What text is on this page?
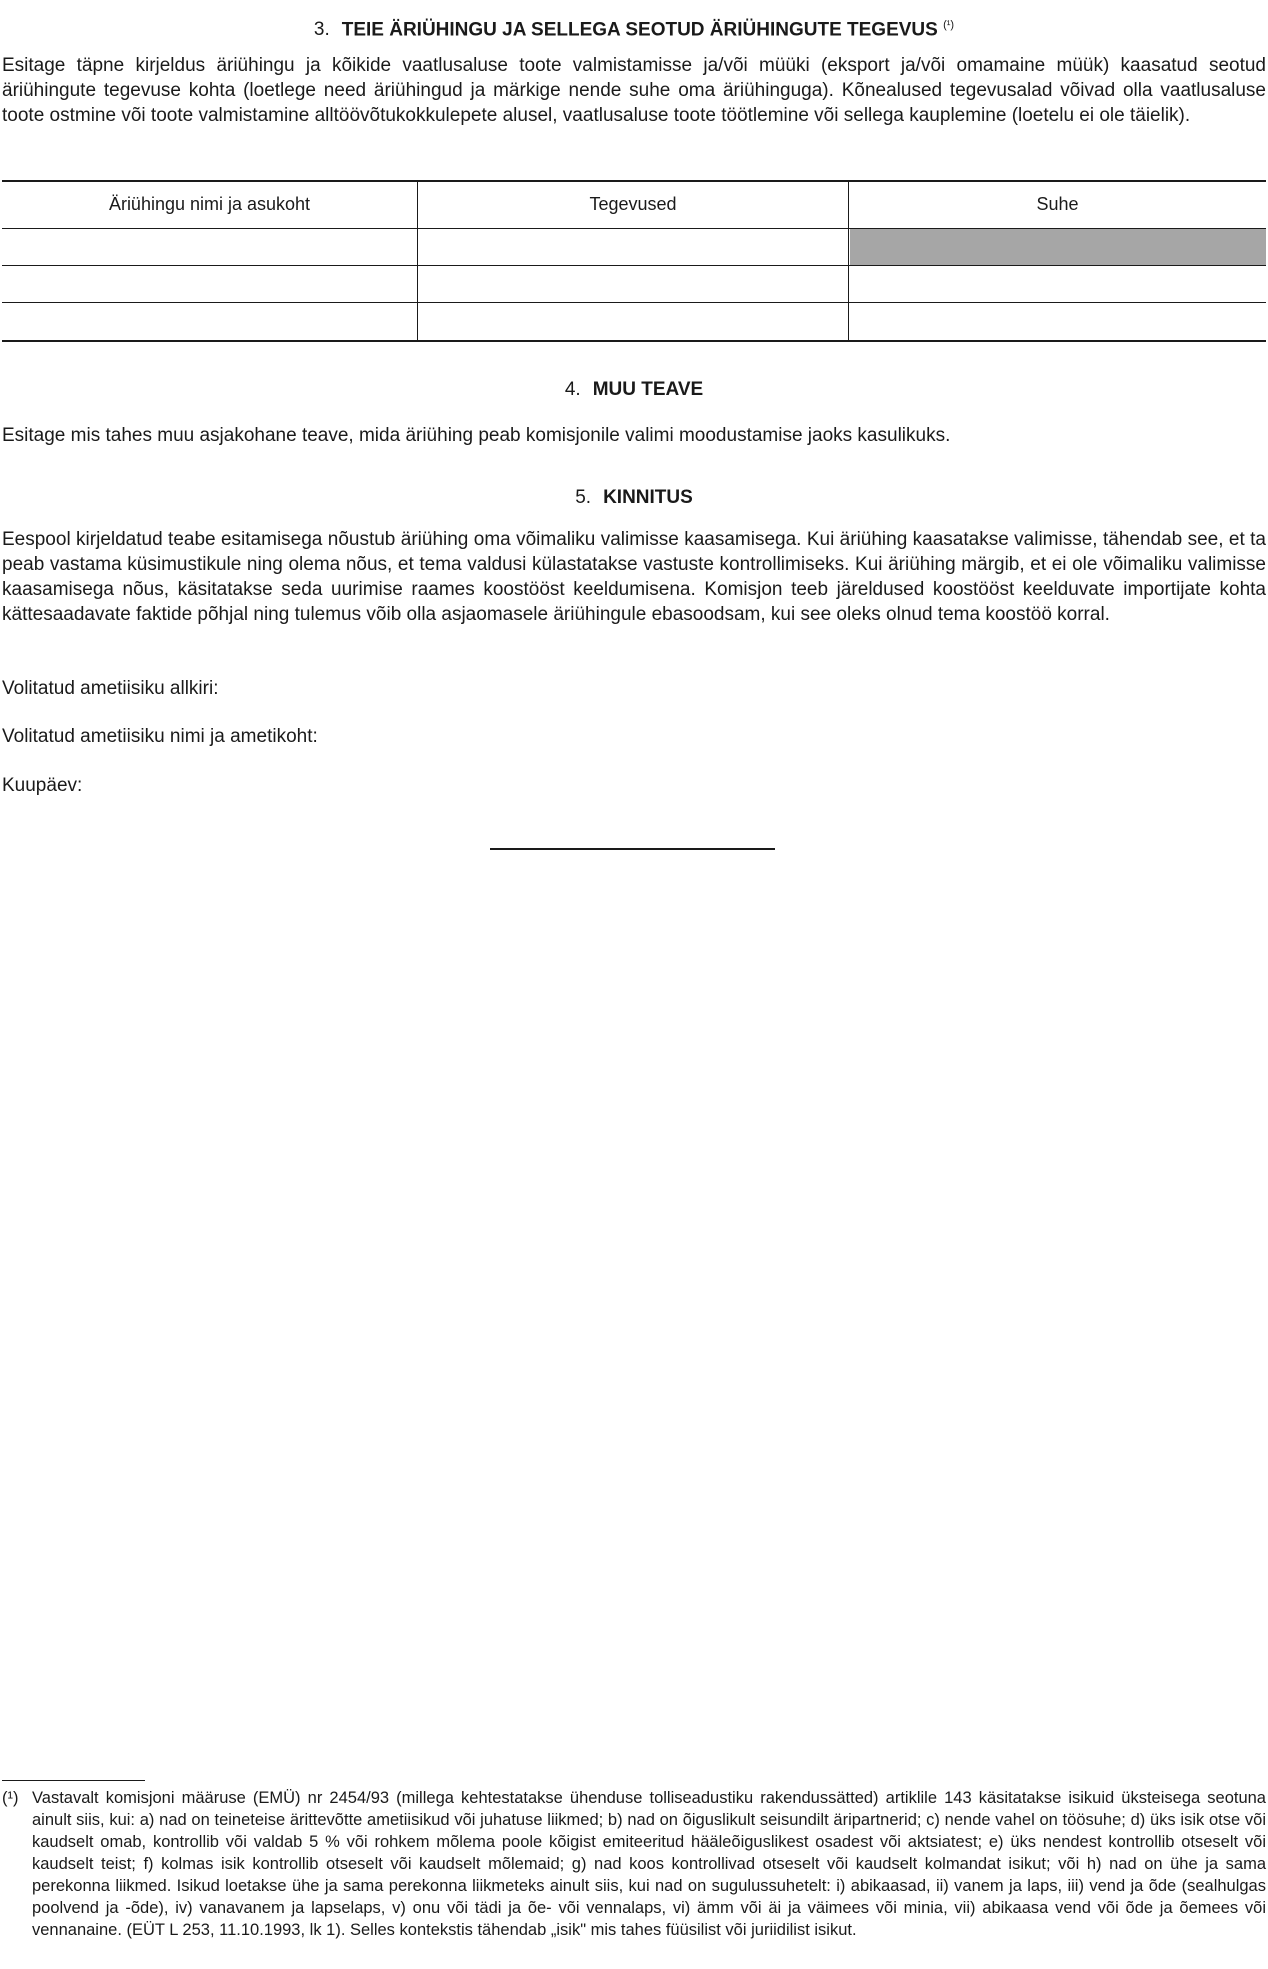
3. TEIE ÄRIÜHINGU JA SELLEGA SEOTUD ÄRIÜHINGUTE TEGEVUS $^{(^1)}$
Esitage täpne kirjeldus äriühingu ja kõikide vaatlusaluse toote valmistamisse ja/või müüki (eksport ja/või omamaine müük) kaasatud seotud äriühingute tegevuse kohta (loetlege need äriühingud ja märkige nende suhe oma äriühinguga). Kõnealused tegevusalad võivad olla vaatlusaluse toote ostmine või toote valmistamine alltöövõtukokkulepete alusel, vaatlusaluse toote töötlemine või sellega kauplemine (loetelu ei ole täielik).
Äriühingu nimi ja asukoht	Tegevused	Suhe
4. MUU TEAVE
Esitage mis tahes muu asjakohane teave, mida äriühing peab komisjonile valimi moodustamise jaoks kasulikuks.
5. KINNITUS
Eespool kirjeldatud teabe esitamisega nõustub äriühing oma võimaliku valimisse kaasamisega. Kui äriühing kaasatakse valimisse, tähendab see, et ta peab vastama küsimustikule ning olema nõus, et tema valdusi külastatakse vastuste kontrollimiseks. Kui äriühing märgib, et ei ole võimaliku valimisse kaasamisega nõus, käsitatakse seda uurimise raames koostööst keeldumisena. Komisjon teeb järeldused koostööst keelduvate importijate kohta kättesaadavate faktide põhjal ning tulemus võib olla asjaomasele äriühingule ebasoodsam, kui see oleks olnud tema koostöö korral.
Volitatud ametiisiku allkiri:
Volitatud ametiisiku nimi ja ametikoht:
Kuupäev:
(¹) Vastavalt komisjoni määruse (EMÜ) nr 2454/93 (millega kehtestatakse ühenduse tolliseadustiku rakendussätted) artiklile 143 käsitatakse isikuid üksteisega seotuna ainult siis, kui: a) nad on teineteise ärittevõtte ametiisikud või juhatuse liikmed; b) nad on õiguslikult seisundilt äripartnerid; c) nende vahel on töösuhe; d) üks isik otse või kaudselt omab, kontrollib või valdab 5 % või rohkem mõlema poole kõigist emiteeritud hääleõiguslikest osadest või aktsiatest; e) üks nendest kontrollib otseselt või kaudselt teist; f) kolmas isik kontrollib otseselt või kaudselt mõlemaid; g) nad koos kontrollivad otseselt või kaudselt kolmandat isikut; või h) nad on ühe ja sama perekonna liikmed. Isikud loetakse ühe ja sama perekonna liikmeteks ainult siis, kui nad on sugulussuhetelt: i) abikaasad, ii) vanem ja laps, iii) vend ja õde (sealhulgas poolvend ja -õde), iv) vanavanem ja lapselaps, v) onu või tädi ja õe- või vennalaps, vi) ämm või äi ja väimees või minia, vii) abikaasa vend või õde ja õemees või vennanaine. (EÜT L 253, 11.10.1993, lk 1). Selles kontekstis tähendab „isik" mis tahes füüsilist või juriidilist isikut.
